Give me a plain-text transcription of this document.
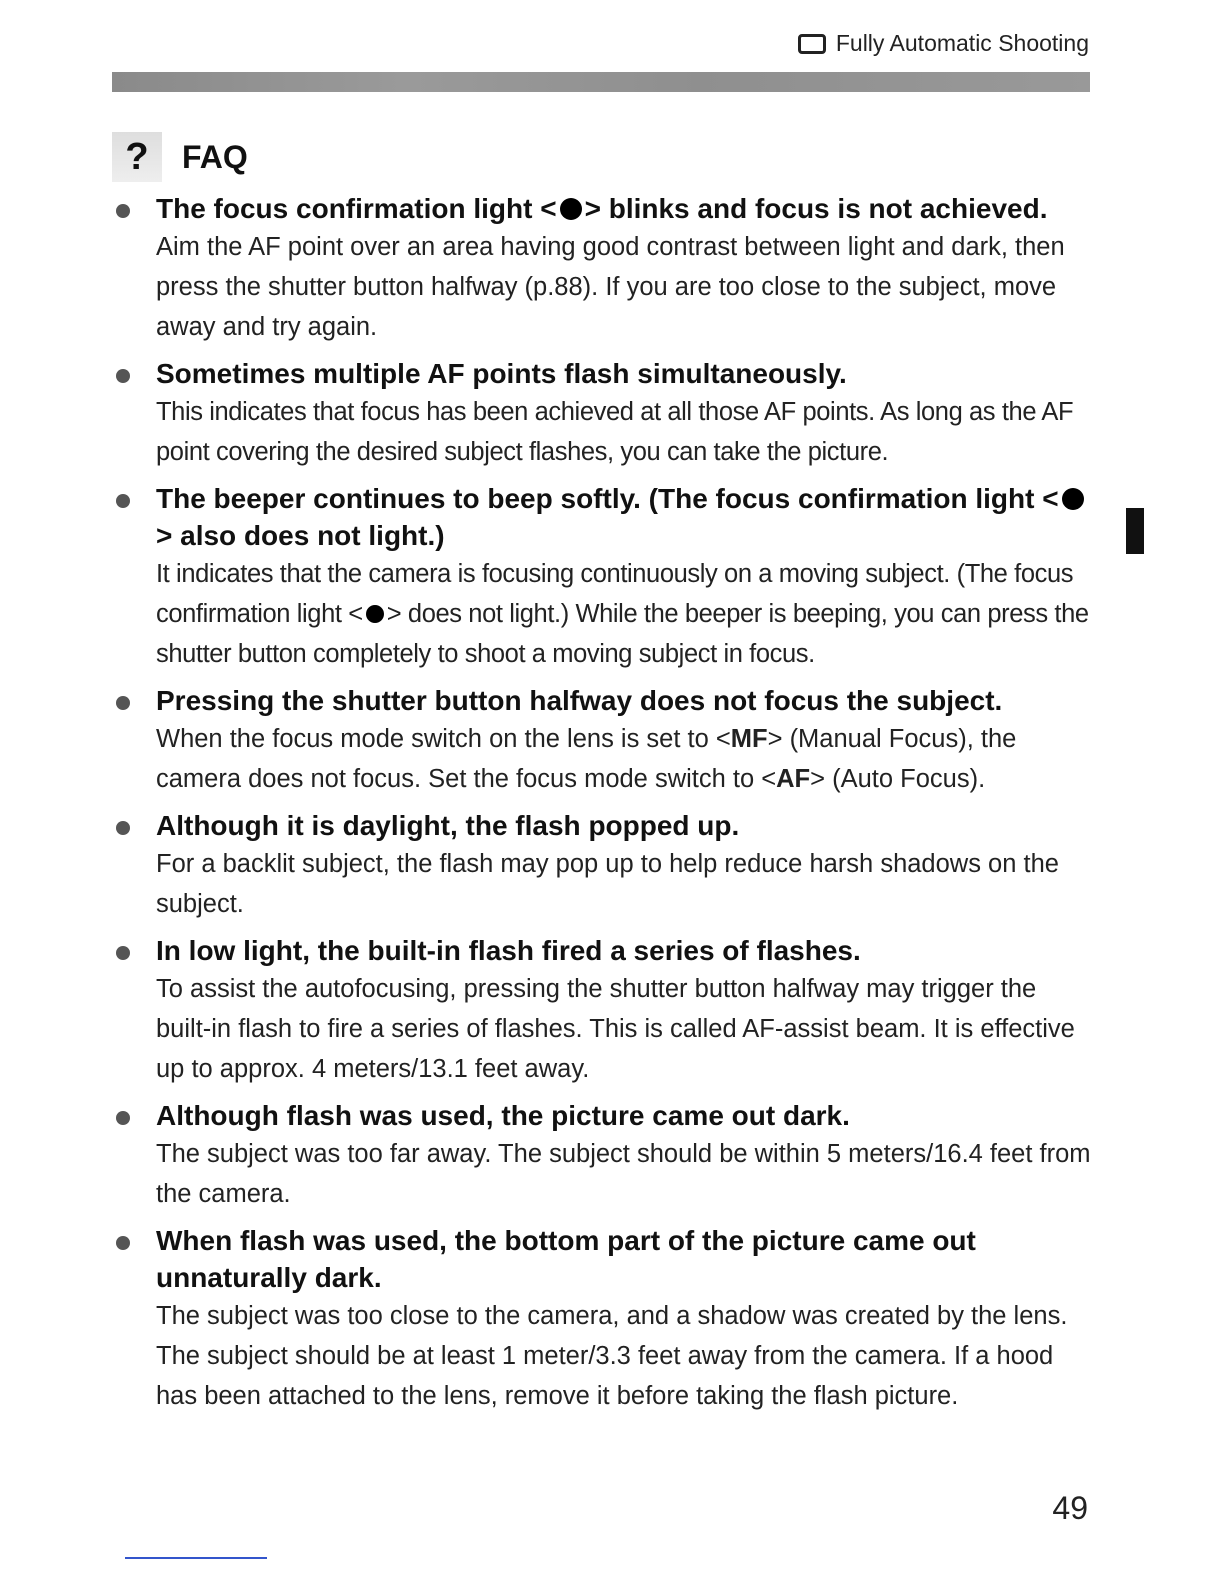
Fully Automatic Shooting
?	FAQ

The focus confirmation light < > blinks and focus is not achieved.

Aim the AF point over an area having good contrast between light and dark, then press the shutter button halfway (p.88). If you are too close to the subject, move away and try again.

Sometimes multiple AF points flash simultaneously.

This indicates that focus has been achieved at all those AF points. As long as the AF point covering the desired subject flashes, you can take the picture.

The beeper continues to beep softly. (The focus confirmation light <> also does not light.)

It indicates that the camera is focusing continuously on a moving subject. (The focus confirmation light < > does not light.) While the beeper is beeping, you can press the shutter button completely to shoot a moving subject in focus.

Pressing the shutter button halfway does not focus the subject.

When the focus mode switch on the lens is set to <MF> (Manual Focus), the camera does not focus. Set the focus mode switch to <AF> (Auto Focus).

Although it is daylight, the flash popped up.

For a backlit subject, the flash may pop up to help reduce harsh shadows on the subject.

In low light, the built-in flash fired a series of flashes.

To assist the autofocusing, pressing the shutter button halfway may trigger the built-in flash to fire a series of flashes. This is called AF-assist beam. It is effective up to approx. 4 meters/13.1 feet away.

Although flash was used, the picture came out dark.

The subject was too far away. The subject should be within 5 meters/16.4 feet from the camera.

When flash was used, the bottom part of the picture came out unnaturally dark.

The subject was too close to the camera, and a shadow was created by the lens. The subject should be at least 1 meter/3.3 feet away from the camera. If a hood has been attached to the lens, remove it before taking the flash picture.

49
